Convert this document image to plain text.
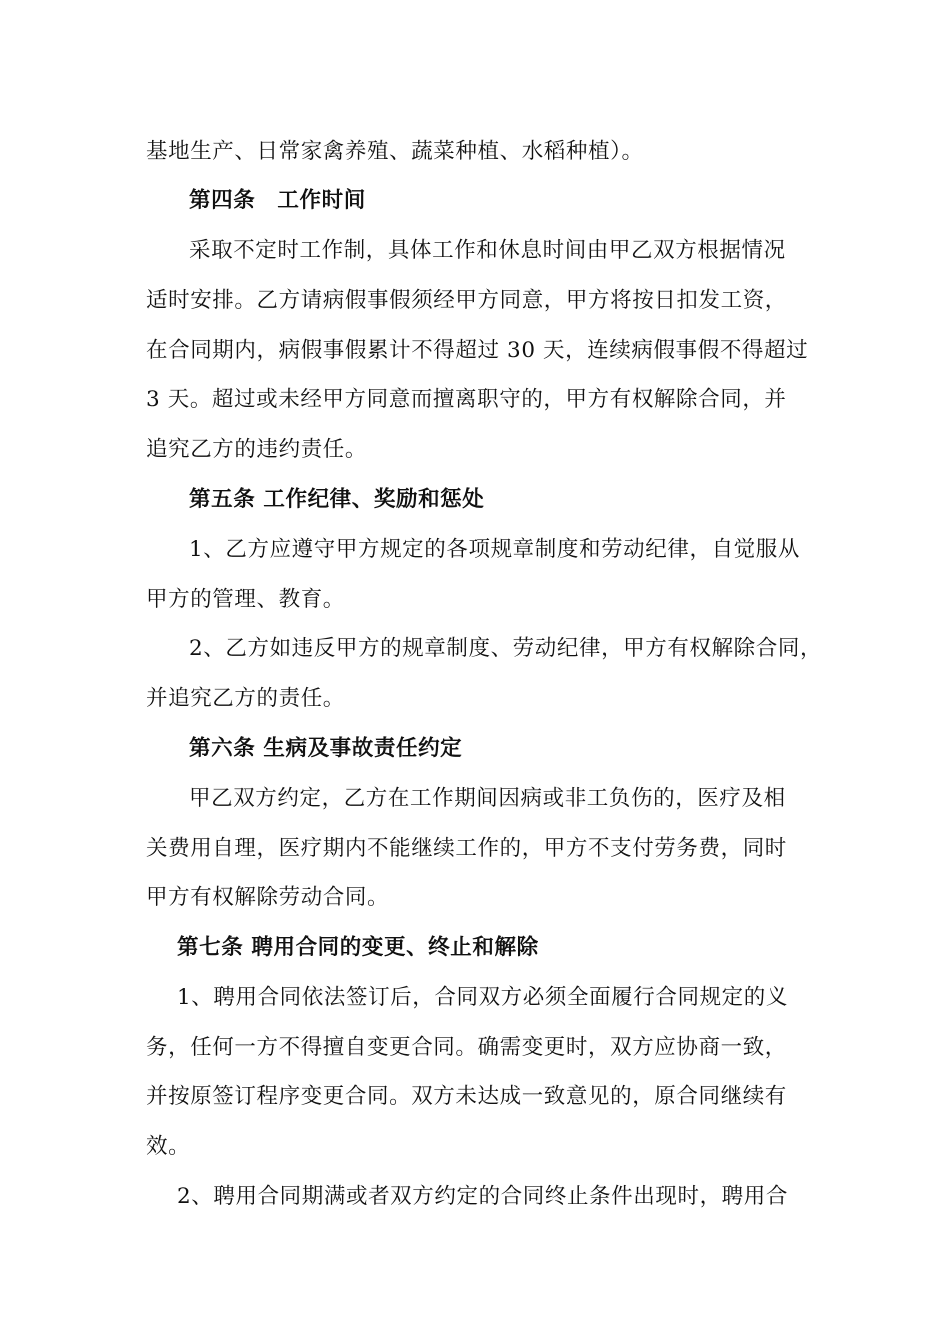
基地生产、日常家禽养殖、蔬菜种植、水稻种植）。
第四条　工作时间
采取不定时工作制，具体工作和休息时间由甲乙双方根据情况
适时安排。乙方请病假事假须经甲方同意，甲方将按日扣发工资，
在合同期内，病假事假累计不得超过 30 天，连续病假事假不得超过
3 天。超过或未经甲方同意而擅离职守的，甲方有权解除合同，并
追究乙方的违约责任。
第五条 工作纪律、奖励和惩处
1、乙方应遵守甲方规定的各项规章制度和劳动纪律，自觉服从
甲方的管理、教育。
2、乙方如违反甲方的规章制度、劳动纪律，甲方有权解除合同，
并追究乙方的责任。
第六条 生病及事故责任约定
甲乙双方约定，乙方在工作期间因病或非工负伤的，医疗及相
关费用自理，医疗期内不能继续工作的，甲方不支付劳务费，同时
甲方有权解除劳动合同。
第七条 聘用合同的变更、终止和解除
1、聘用合同依法签订后，合同双方必须全面履行合同规定的义
务，任何一方不得擅自变更合同。确需变更时，双方应协商一致，
并按原签订程序变更合同。双方未达成一致意见的，原合同继续有
效。
2、聘用合同期满或者双方约定的合同终止条件出现时，聘用合
